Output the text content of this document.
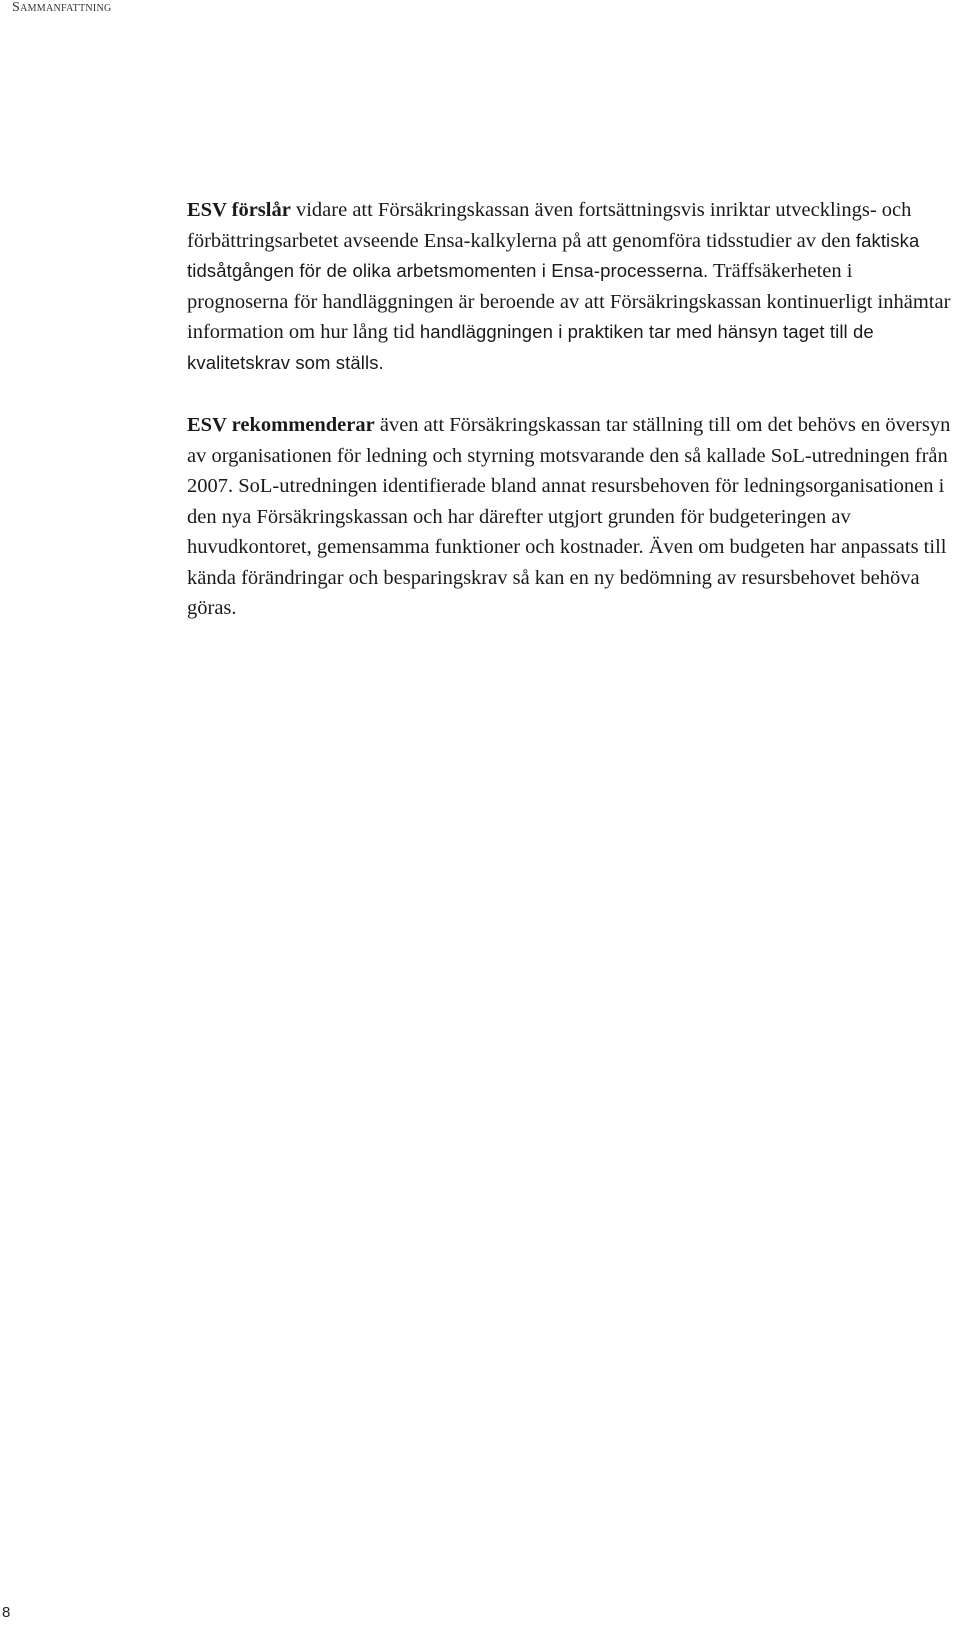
Sammanfattning

ESV förslår vidare att Försäkringskassan även fortsättningsvis inriktar utvecklings- och förbättringsarbetet avseende Ensa-kalkylerna på att genomföra tidsstudier av den faktiska tidsåtgången för de olika arbetsmomenten i Ensa-processerna. Träffsäkerheten i prognoserna för handläggningen är beroende av att Försäkringskassan kontinuerligt inhämtar information om hur lång tid handläggningen i praktiken tar med hänsyn taget till de kvalitetskrav som ställs.

ESV rekommenderar även att Försäkringskassan tar ställning till om det behövs en översyn av organisationen för ledning och styrning motsvarande den så kallade SoL-utredningen från 2007. SoL-utredningen identifierade bland annat resursbehoven för ledningsorganisationen i den nya Försäkringskassan och har därefter utgjort grunden för budgeteringen av huvudkontoret, gemensamma funktioner och kostnader. Även om budgeten har anpassats till kända förändringar och besparingskrav så kan en ny bedömning av resursbehovet behöva göras.

8
